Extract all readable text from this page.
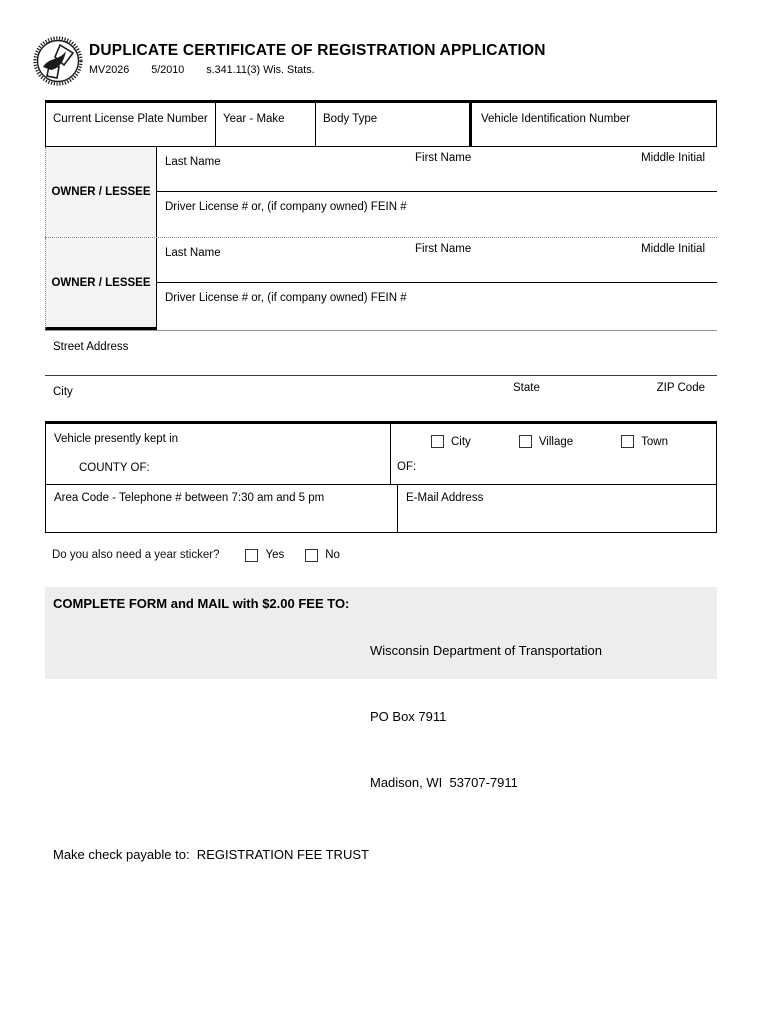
DUPLICATE CERTIFICATE OF REGISTRATION APPLICATION
MV2026 5/2010 s.341.11(3) Wis. Stats.
Current License Plate Number	Year - Make	Body Type	Vehicle Identification Number
OWNER / LESSEE
Last Name	First Name	Middle Initial
Driver License # or, (if company owned) FEIN #
OWNER / LESSEE
Last Name	First Name	Middle Initial
Driver License # or, (if company owned) FEIN #
Street Address
City	State	ZIP Code
Vehicle presently kept in
COUNTY OF:
City	Village	Town
OF:
Area Code - Telephone # between 7:30 am and 5 pm	E-Mail Address
Do you also need a year sticker?	Yes	No
COMPLETE FORM and MAIL with $2.00 FEE TO:

Wisconsin Department of Transportation

PO Box 7911

Madison, WI  53707-7911

Make check payable to:  REGISTRATION FEE TRUST
